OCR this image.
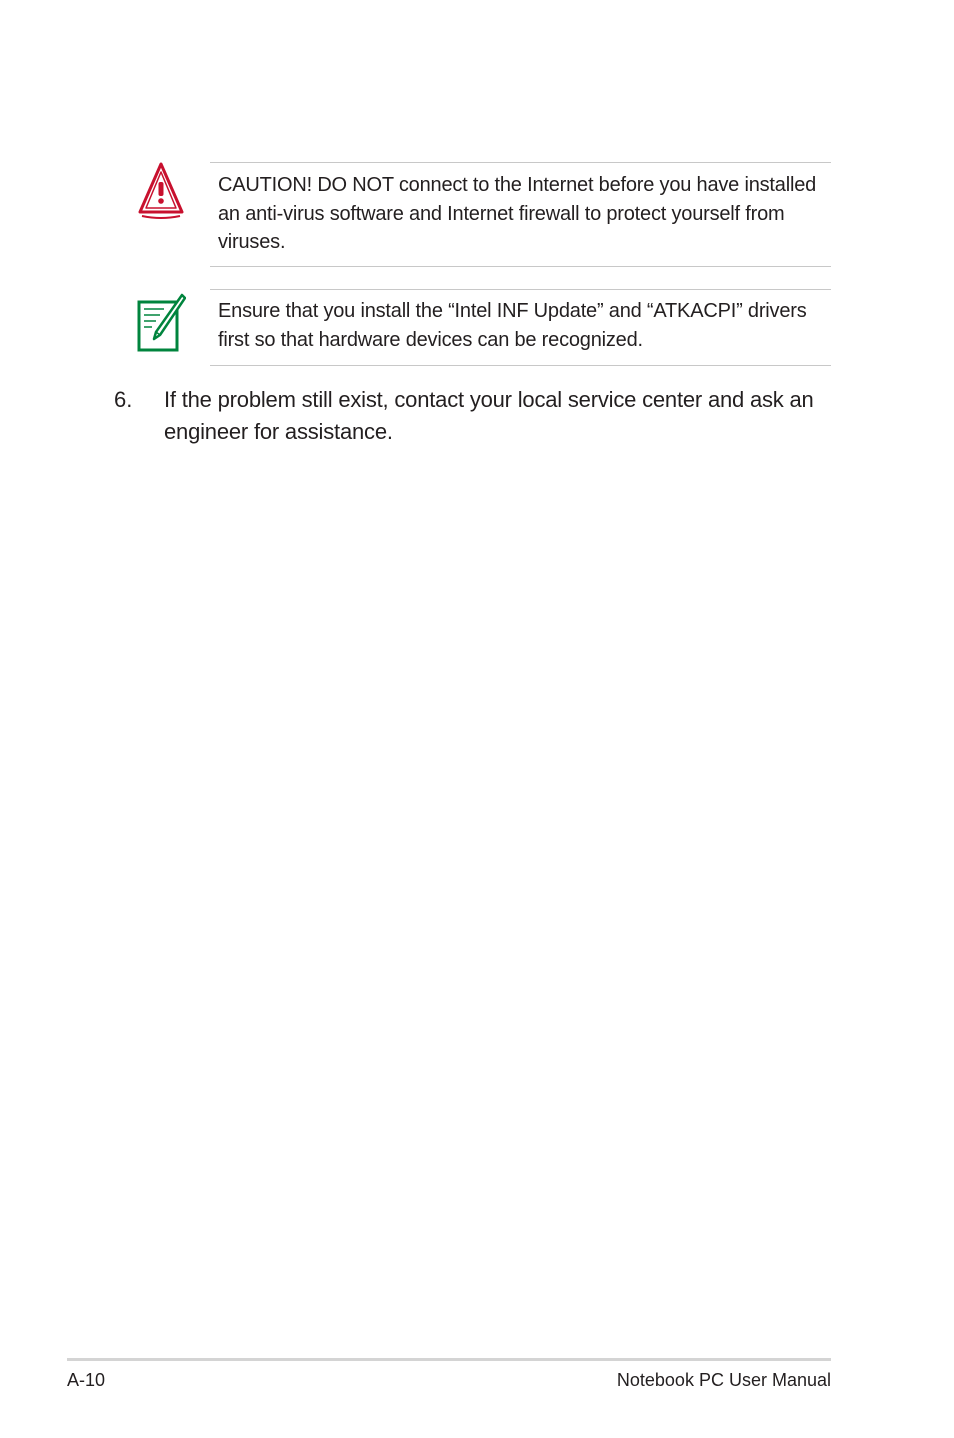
CAUTION! DO NOT connect to the Internet before you have installed an anti-virus software and Internet firewall to protect yourself from viruses.

Ensure that you install the “Intel INF Update” and “ATKACPI” drivers first so that hardware devices can be recognized.

6. If the problem still exist, contact your local service center and ask an engineer for assistance.

A-10	Notebook PC User Manual
